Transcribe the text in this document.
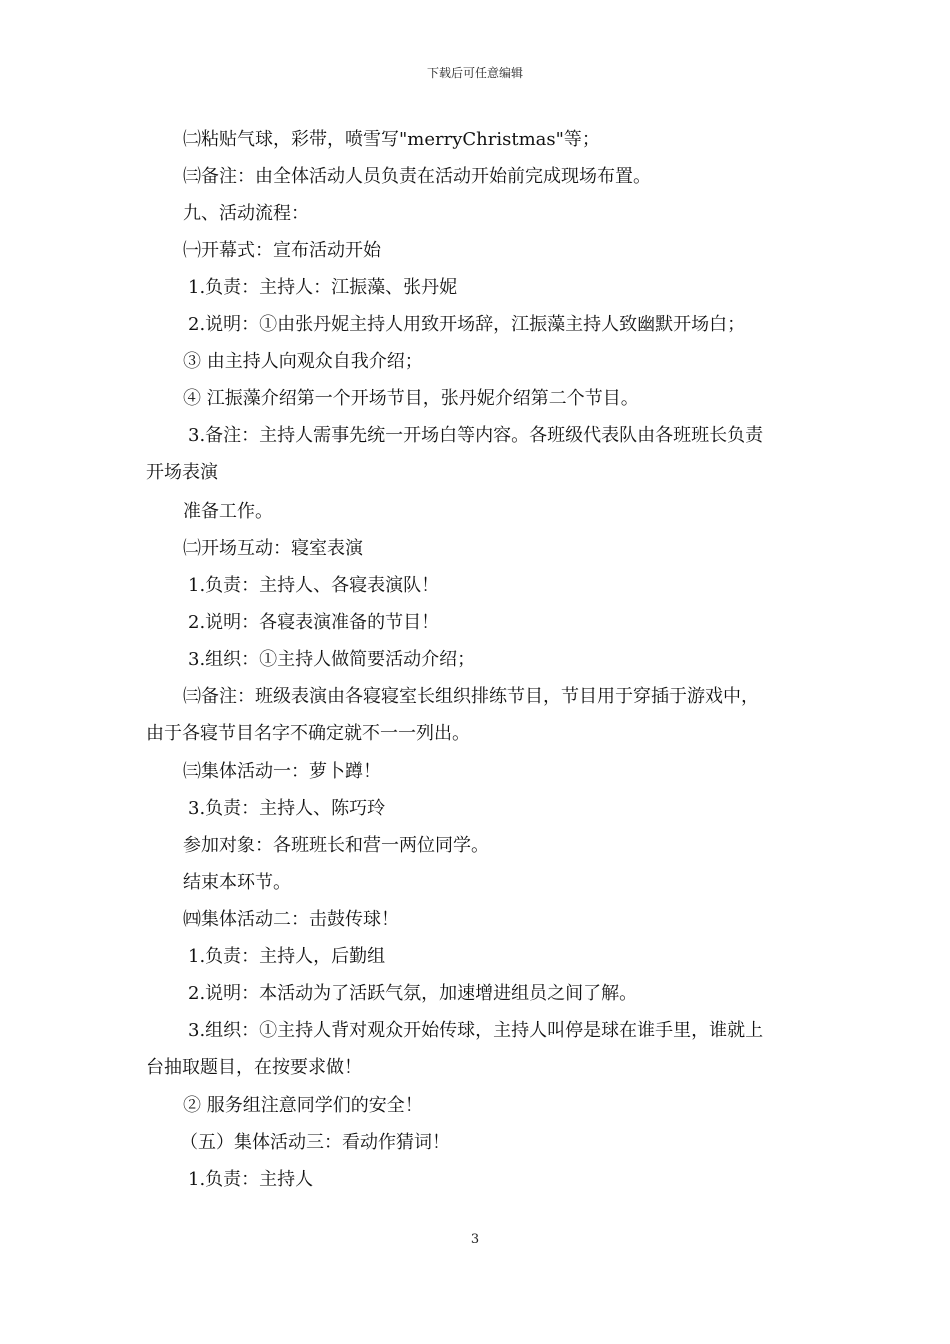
下载后可任意编辑
㈡粘贴气球，彩带，喷雪写"merryChristmas"等；
㈢备注：由全体活动人员负责在活动开始前完成现场布置。
九、活动流程：
㈠开幕式：宣布活动开始
1.负责：主持人：江振藻、张丹妮
2.说明：①由张丹妮主持人用致开场辞，江振藻主持人致幽默开场白；
③ 由主持人向观众自我介绍；
④ 江振藻介绍第一个开场节目，张丹妮介绍第二个节目。
3.备注：主持人需事先统一开场白等内容。各班级代表队由各班班长负责
开场表演
准备工作。
㈡开场互动：寝室表演
1.负责：主持人、各寝表演队！
2.说明：各寝表演准备的节目！
3.组织：①主持人做简要活动介绍；
㈢备注：班级表演由各寝寝室长组织排练节目，节目用于穿插于游戏中，
由于各寝节目名字不确定就不一一列出。
㈢集体活动一：萝卜蹲！
3.负责：主持人、陈巧玲
参加对象：各班班长和营一两位同学。
结束本环节。
㈣集体活动二：击鼓传球！
1.负责：主持人，后勤组
2.说明：本活动为了活跃气氛，加速增进组员之间了解。
3.组织：①主持人背对观众开始传球，主持人叫停是球在谁手里，谁就上
台抽取题目，在按要求做！
② 服务组注意同学们的安全！
（五）集体活动三：看动作猜词！
1.负责：主持人
3
